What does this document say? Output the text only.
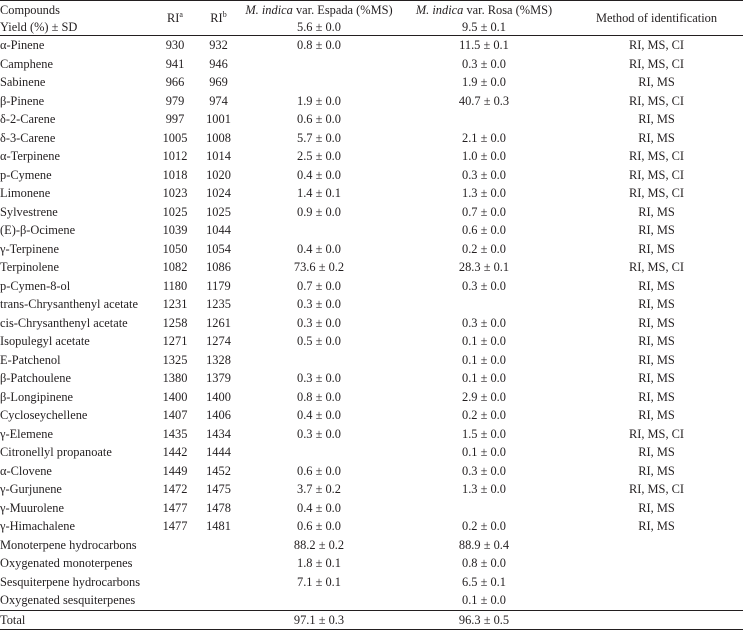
Compounds	$RI^a$	$RI^b$	M. indica var. Espada (%MS)	M. indica var. Rosa (%MS)	Method of identification
Yield (%) ± SD			5.6 ± 0.0	9.5 ± 0.1	
α-Pinene	930	932	0.8 ± 0.0	11.5 ± 0.1	RI, MS, CI
Camphene	941	946		0.3 ± 0.0	RI, MS, CI
Sabinene	966	969		1.9 ± 0.0	RI, MS
β-Pinene	979	974	1.9 ± 0.0	40.7 ± 0.3	RI, MS, CI
δ-2-Carene	997	1001	0.6 ± 0.0		RI, MS
δ-3-Carene	1005	1008	5.7 ± 0.0	2.1 ± 0.0	RI, MS
α-Terpinene	1012	1014	2.5 ± 0.0	1.0 ± 0.0	RI, MS, CI
p-Cymene	1018	1020	0.4 ± 0.0	0.3 ± 0.0	RI, MS, CI
Limonene	1023	1024	1.4 ± 0.1	1.3 ± 0.0	RI, MS, CI
Sylvestrene	1025	1025	0.9 ± 0.0	0.7 ± 0.0	RI, MS
(E)-β-Ocimene	1039	1044		0.6 ± 0.0	RI, MS
γ-Terpinene	1050	1054	0.4 ± 0.0	0.2 ± 0.0	RI, MS
Terpinolene	1082	1086	73.6 ± 0.2	28.3 ± 0.1	RI, MS, CI
p-Cymen-8-ol	1180	1179	0.7 ± 0.0	0.3 ± 0.0	RI, MS
trans-Chrysanthenyl acetate	1231	1235	0.3 ± 0.0		RI, MS
cis-Chrysanthenyl acetate	1258	1261	0.3 ± 0.0	0.3 ± 0.0	RI, MS
Isopulegyl acetate	1271	1274	0.5 ± 0.0	0.1 ± 0.0	RI, MS
E-Patchenol	1325	1328		0.1 ± 0.0	RI, MS
β-Patchoulene	1380	1379	0.3 ± 0.0	0.1 ± 0.0	RI, MS
β-Longipinene	1400	1400	0.8 ± 0.0	2.9 ± 0.0	RI, MS
Cycloseychellene	1407	1406	0.4 ± 0.0	0.2 ± 0.0	RI, MS
γ-Elemene	1435	1434	0.3 ± 0.0	1.5 ± 0.0	RI, MS, CI
Citronellyl propanoate	1442	1444		0.1 ± 0.0	RI, MS
α-Clovene	1449	1452	0.6 ± 0.0	0.3 ± 0.0	RI, MS
γ-Gurjunene	1472	1475	3.7 ± 0.2	1.3 ± 0.0	RI, MS, CI
γ-Muurolene	1477	1478	0.4 ± 0.0		RI, MS
γ-Himachalene	1477	1481	0.6 ± 0.0	0.2 ± 0.0	RI, MS
Monoterpene hydrocarbons			88.2 ± 0.2	88.9 ± 0.4	
Oxygenated monoterpenes			1.8 ± 0.1	0.8 ± 0.0	
Sesquiterpene hydrocarbons			7.1 ± 0.1	6.5 ± 0.1	
Oxygenated sesquiterpenes				0.1 ± 0.0	
Total			97.1 ± 0.3	96.3 ± 0.5	
